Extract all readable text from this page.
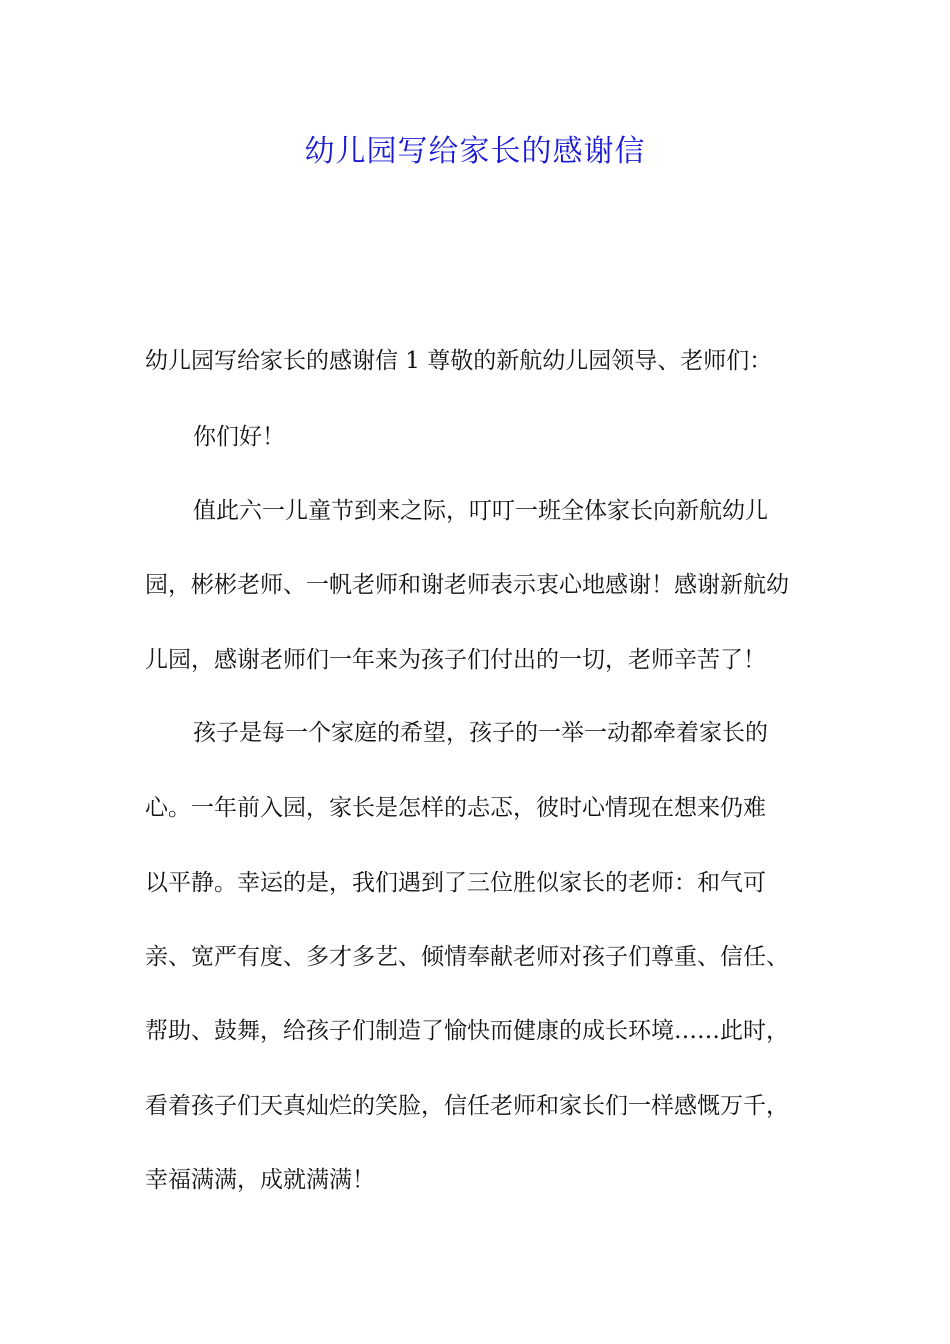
幼儿园写给家长的感谢信
幼儿园写给家长的感谢信 1 尊敬的新航幼儿园领导、老师们：
你们好！
值此六一儿童节到来之际，叮叮一班全体家长向新航幼儿
园，彬彬老师、一帆老师和谢老师表示衷心地感谢！感谢新航幼
儿园，感谢老师们一年来为孩子们付出的一切，老师辛苦了！
孩子是每一个家庭的希望，孩子的一举一动都牵着家长的
心。一年前入园，家长是怎样的忐忑，彼时心情现在想来仍难
以平静。幸运的是，我们遇到了三位胜似家长的老师：和气可
亲、宽严有度、多才多艺、倾情奉献老师对孩子们尊重、信任、
帮助、鼓舞，给孩子们制造了愉快而健康的成长环境……此时，
看着孩子们天真灿烂的笑脸，信任老师和家长们一样感慨万千，
幸福满满，成就满满！
